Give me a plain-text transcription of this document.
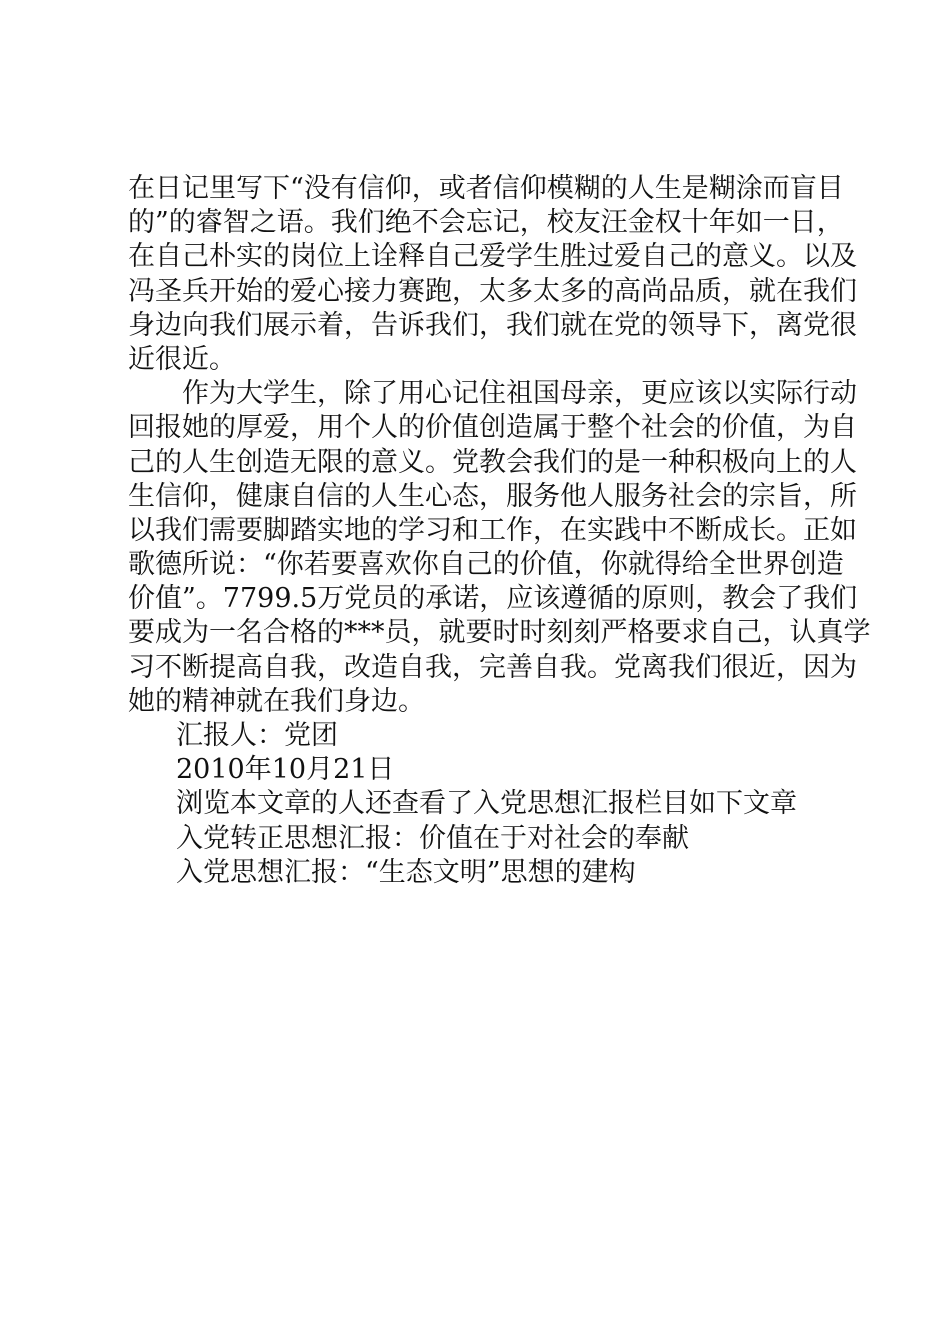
在日记里写下“没有信仰，或者信仰模糊的人生是糊涂而盲目
的”的睿智之语。我们绝不会忘记，校友汪金权十年如一日，
在自己朴实的岗位上诠释自己爱学生胜过爱自己的意义。以及
冯圣兵开始的爱心接力赛跑，太多太多的高尚品质，就在我们
身边向我们展示着，告诉我们，我们就在党的领导下，离党很
近很近。
作为大学生，除了用心记住祖国母亲，更应该以实际行动
回报她的厚爱，用个人的价值创造属于整个社会的价值，为自
己的人生创造无限的意义。党教会我们的是一种积极向上的人
生信仰，健康自信的人生心态，服务他人服务社会的宗旨，所
以我们需要脚踏实地的学习和工作，在实践中不断成长。正如
歌德所说：“你若要喜欢你自己的价值，你就得给全世界创造
价值”。7799.5万党员的承诺，应该遵循的原则，教会了我们
要成为一名合格的***员，就要时时刻刻严格要求自己，认真学
习不断提高自我，改造自我，完善自我。党离我们很近，因为
她的精神就在我们身边。
汇报人：党团
2010年10月21日
浏览本文章的人还查看了入党思想汇报栏目如下文章
入党转正思想汇报：价值在于对社会的奉献
入党思想汇报：“生态文明”思想的建构
